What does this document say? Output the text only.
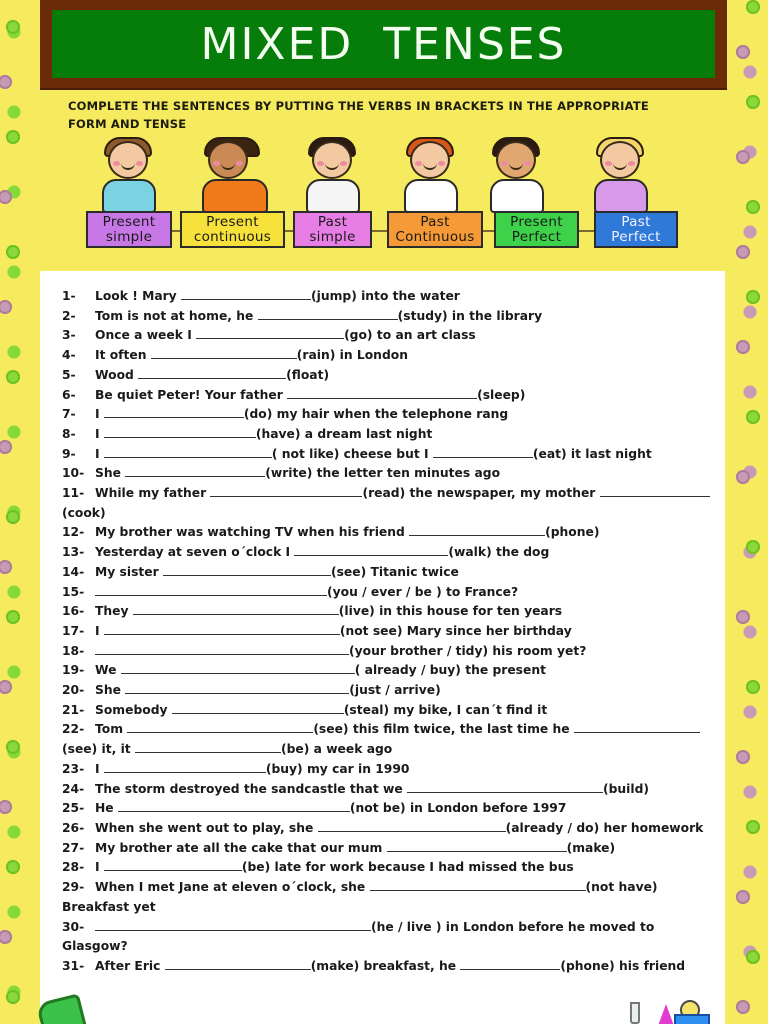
MIXED TENSES

COMPLETE THE SENTENCES BY PUTTING THE VERBS IN BRACKETS IN THE APPROPRIATE FORM AND TENSE

Present
simple
Present
continuous
Past
simple
Past
Continuous
Present
Perfect
Past
Perfect
1-	Look ! Mary	(jump) into the water
2-	Tom is not at home, he	(study) in the library
3-	Once a week I	(go) to an art class
4-	It often	(rain) in London
5-	Wood	(float)
6-	Be quiet Peter! Your father	(sleep)
7-	I	(do) my hair when the telephone rang
8-	I	(have) a dream last night
9-	I	( not like) cheese but I	(eat) it last night
10- She	(write) the letter ten minutes ago
11- While my father	(read) the newspaper, my mother
(cook)
12- My brother was watching TV when his friend	(phone)
13- Yesterday at seven o´clock I	(walk) the dog
14- My sister	(see) Titanic twice
15-	(you / ever / be ) to France?
16- They	(live) in this house for ten years
17- I	(not see) Mary since her birthday
18-	(your brother / tidy) his room yet?
19- We	( already / buy) the present
20- She	(just / arrive)
21- Somebody	(steal) my bike, I can´t find it
22- Tom	(see) this film twice, the last time he
(see) it, it	(be) a week ago
23- I	(buy) my car in 1990
24- The storm destroyed the sandcastle that we	(build)
25- He	(not be) in London before 1997
26- When she went out to play, she	(already / do) her homework
27- My brother ate all the cake that our mum	(make)
28- I	(be) late for work because I had missed the bus
29- When I met Jane at eleven o´clock, she	(not have)
Breakfast yet
30-	(he / live ) in London before he moved to
Glasgow?
31- After Eric	(make) breakfast, he	(phone) his friend
